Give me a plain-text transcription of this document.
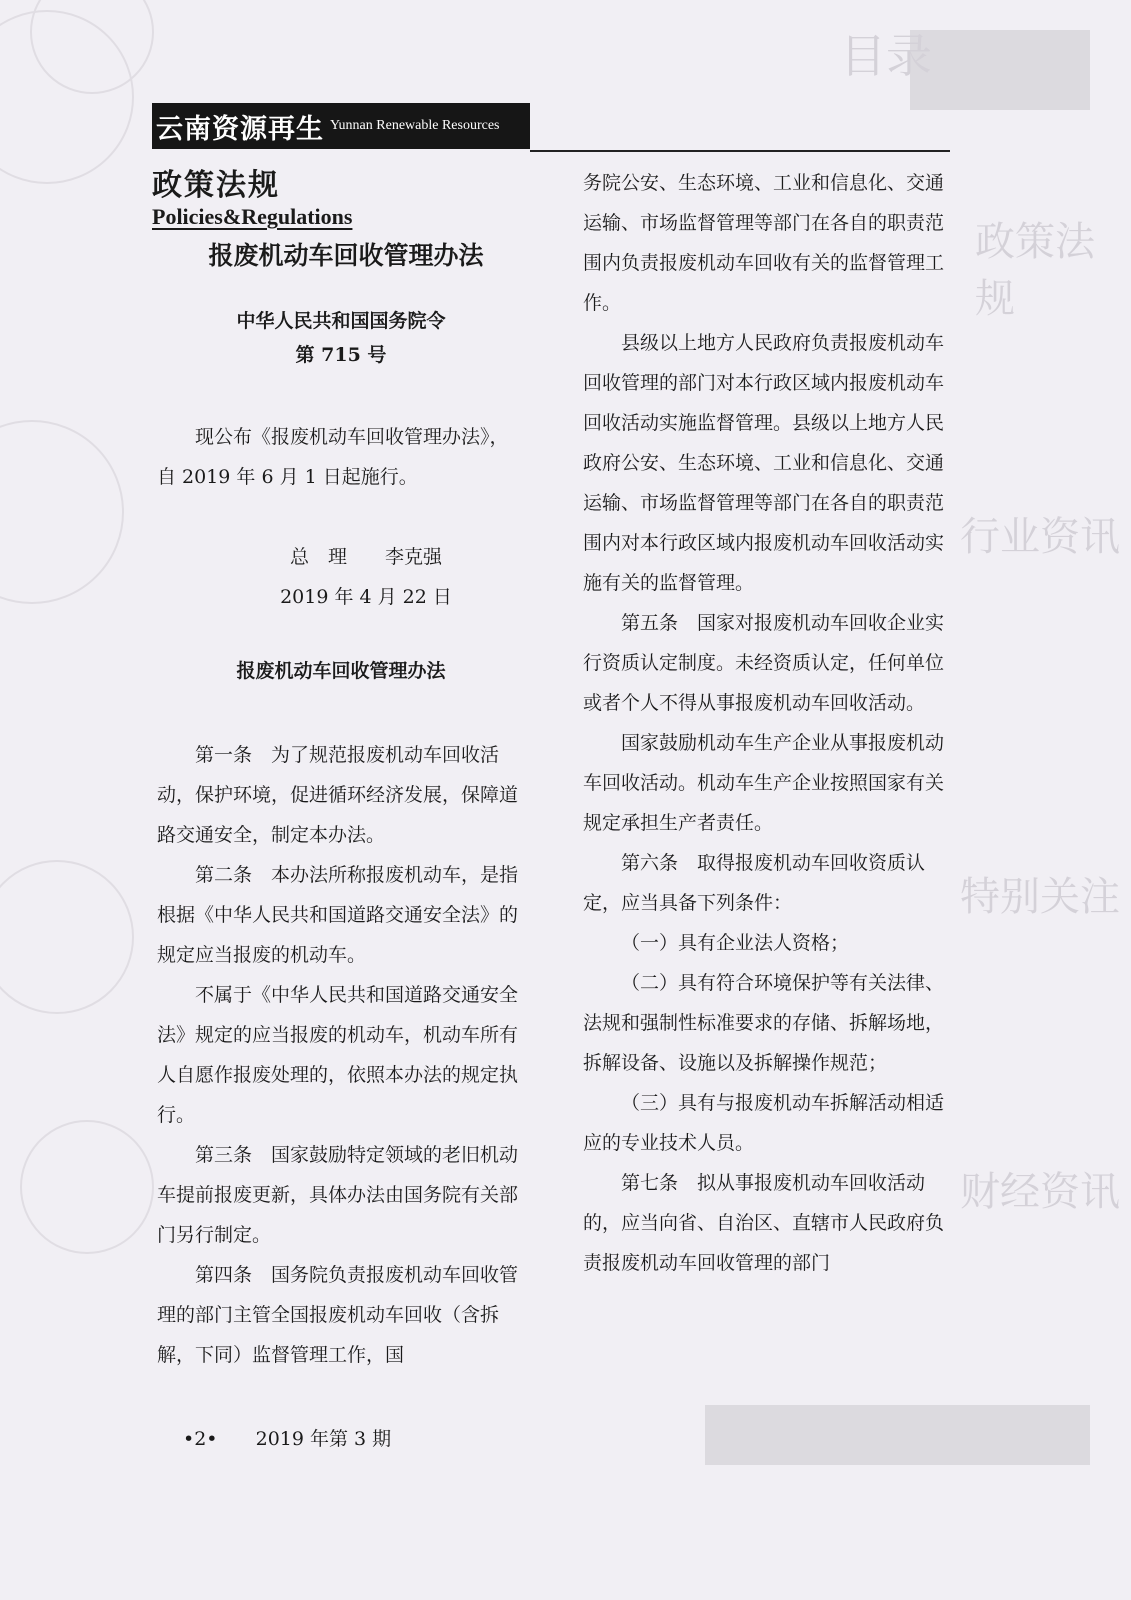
目录
政策法规
行业资讯
特别关注
财经资讯
云南资源再生 Yunnan Renewable Resources
政策法规
Policies&Regulations

报废机动车回收管理办法

中华人民共和国国务院令

第 715 号

现公布《报废机动车回收管理办法》，自 2019 年 6 月 1 日起施行。

总　理　　李克强

2019 年 4 月 22 日

报废机动车回收管理办法

第一条　为了规范报废机动车回收活动，保护环境，促进循环经济发展，保障道路交通安全，制定本办法。

第二条　本办法所称报废机动车，是指根据《中华人民共和国道路交通安全法》的规定应当报废的机动车。

不属于《中华人民共和国道路交通安全法》规定的应当报废的机动车，机动车所有人自愿作报废处理的，依照本办法的规定执行。

第三条　国家鼓励特定领域的老旧机动车提前报废更新，具体办法由国务院有关部门另行制定。

第四条　国务院负责报废机动车回收管理的部门主管全国报废机动车回收（含拆解，下同）监督管理工作，国

务院公安、生态环境、工业和信息化、交通运输、市场监督管理等部门在各自的职责范围内负责报废机动车回收有关的监督管理工作。

县级以上地方人民政府负责报废机动车回收管理的部门对本行政区域内报废机动车回收活动实施监督管理。县级以上地方人民政府公安、生态环境、工业和信息化、交通运输、市场监督管理等部门在各自的职责范围内对本行政区域内报废机动车回收活动实施有关的监督管理。

第五条　国家对报废机动车回收企业实行资质认定制度。未经资质认定，任何单位或者个人不得从事报废机动车回收活动。

国家鼓励机动车生产企业从事报废机动车回收活动。机动车生产企业按照国家有关规定承担生产者责任。

第六条　取得报废机动车回收资质认定，应当具备下列条件：

（一）具有企业法人资格；

（二）具有符合环境保护等有关法律、法规和强制性标准要求的存储、拆解场地，拆解设备、设施以及拆解操作规范；

（三）具有与报废机动车拆解活动相适应的专业技术人员。

第七条　拟从事报废机动车回收活动的，应当向省、自治区、直辖市人民政府负责报废机动车回收管理的部门

•2• 2019 年第 3 期
